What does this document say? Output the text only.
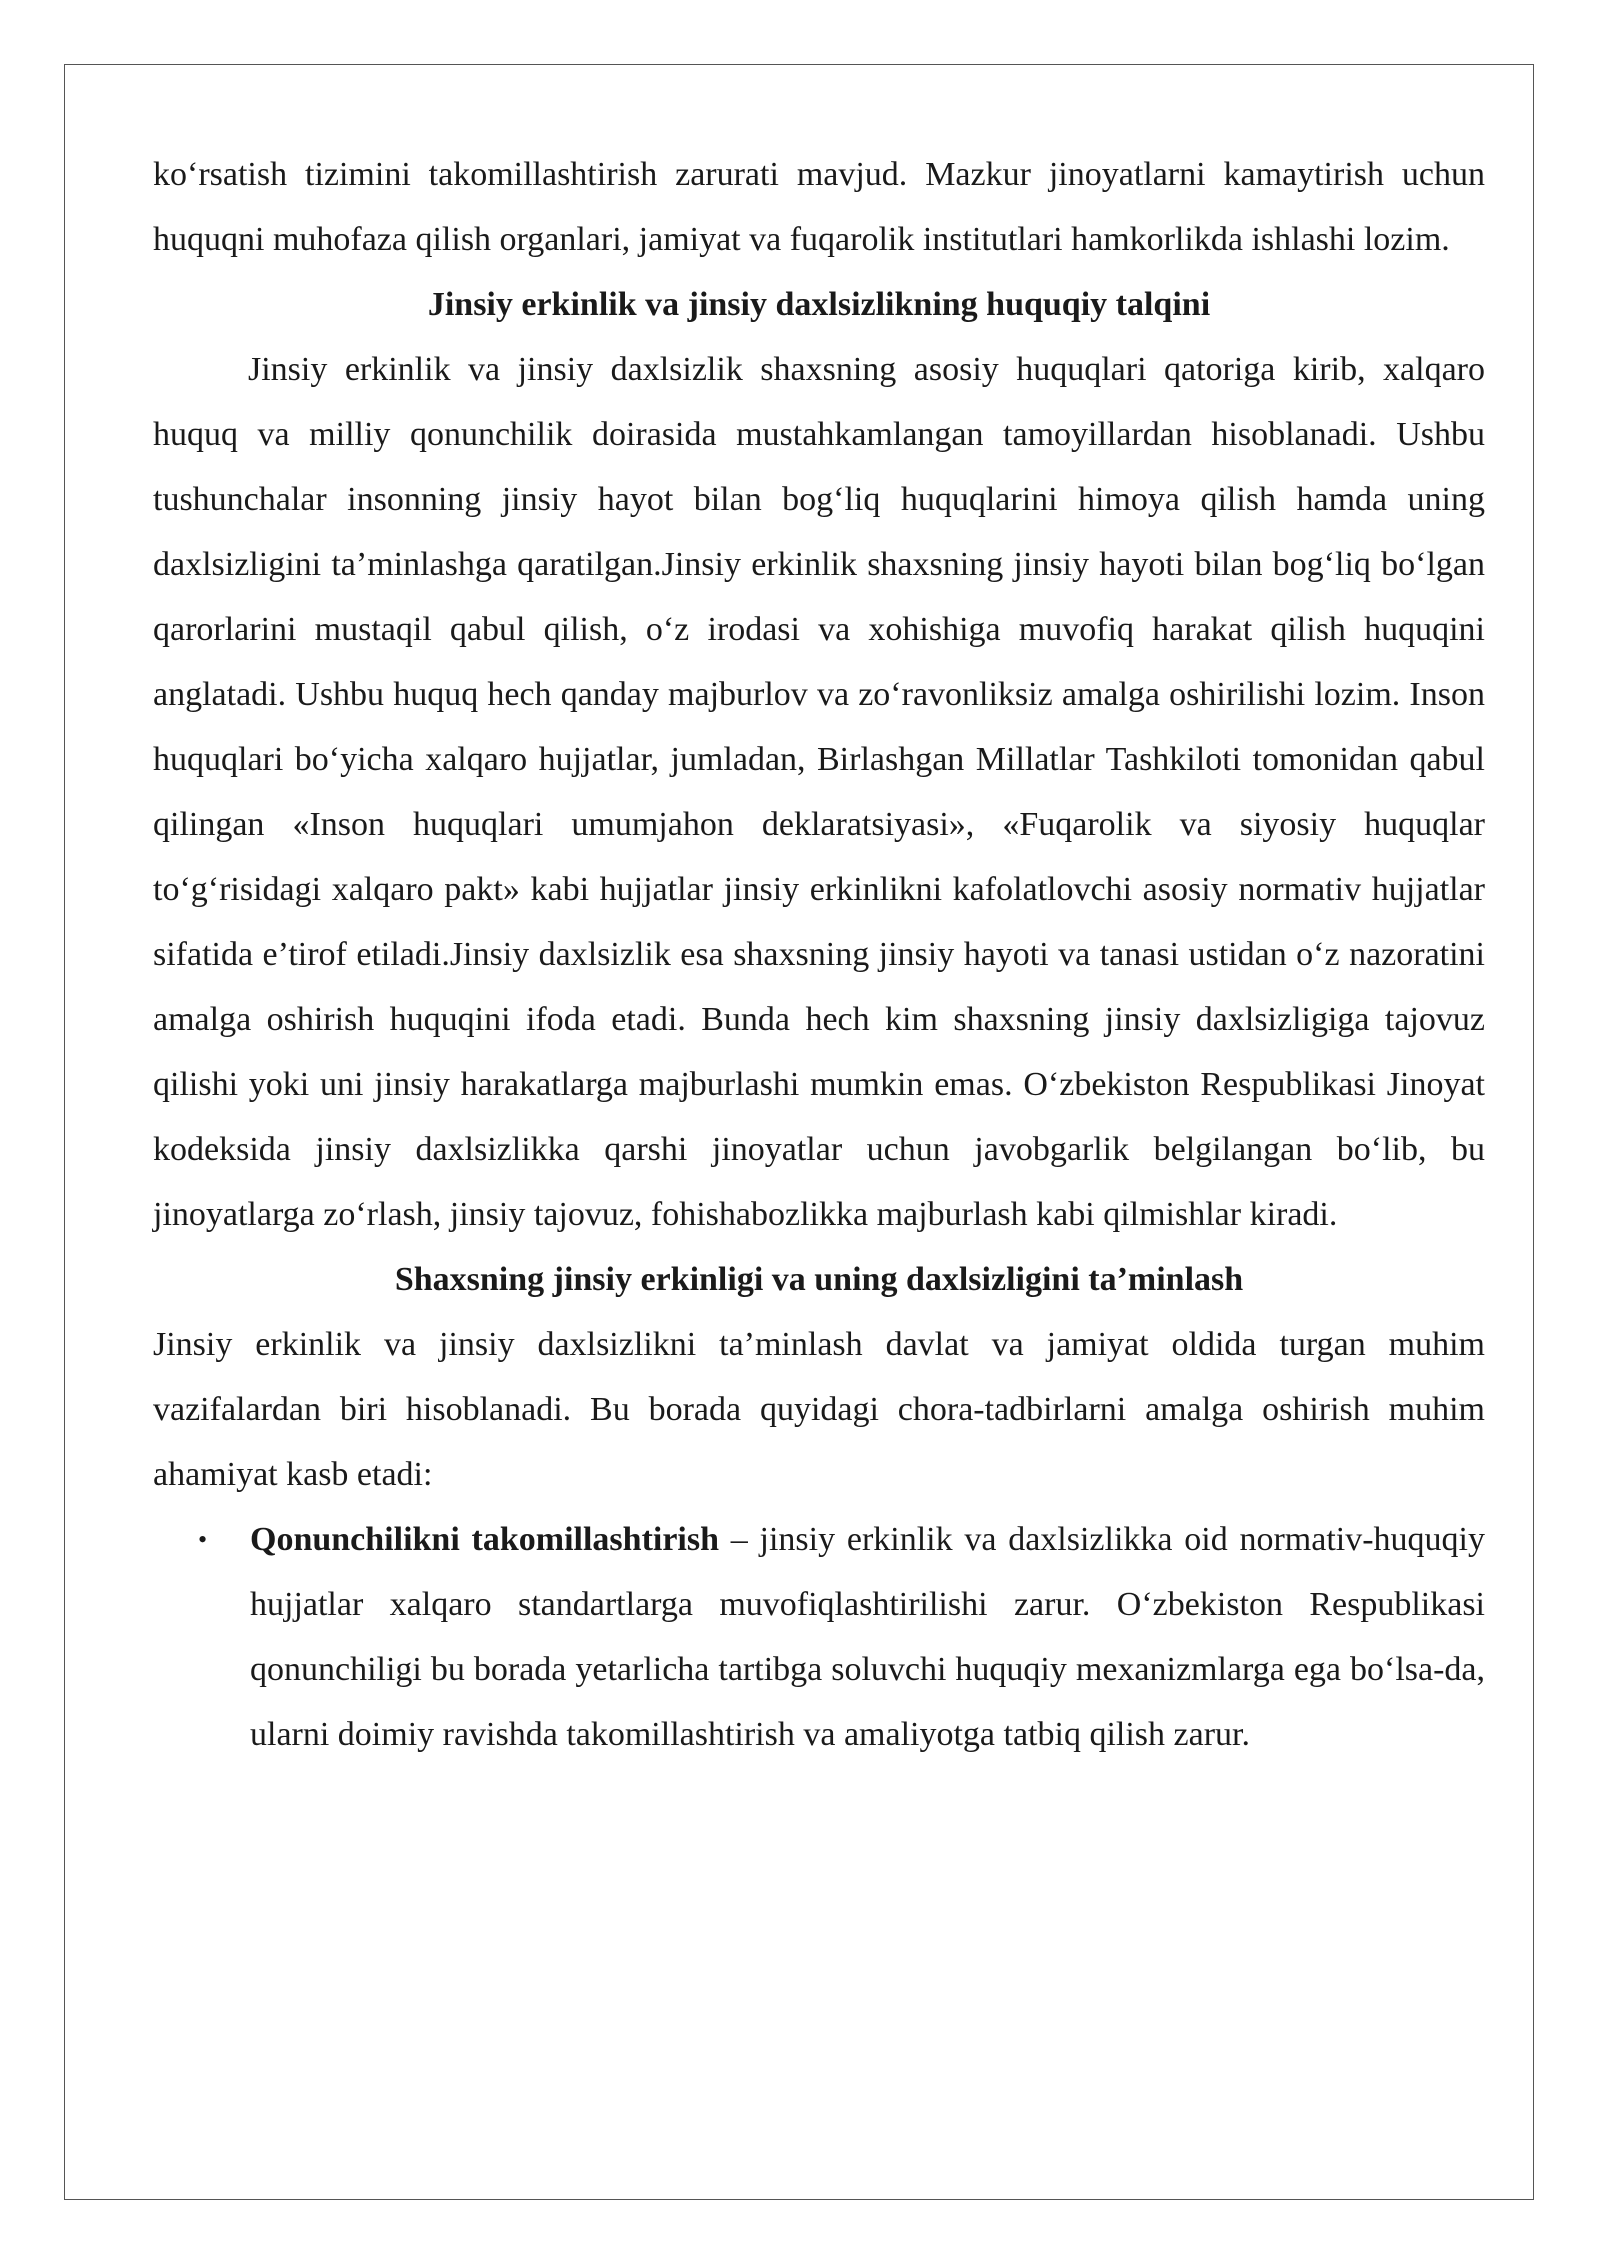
ko‘rsatish tizimini takomillashtirish zarurati mavjud. Mazkur jinoyatlarni kamaytirish uchun huquqni muhofaza qilish organlari, jamiyat va fuqarolik institutlari hamkorlikda ishlashi lozim.

Jinsiy erkinlik va jinsiy daxlsizlikning huquqiy talqini

Jinsiy erkinlik va jinsiy daxlsizlik shaxsning asosiy huquqlari qatoriga kirib, xalqaro huquq va milliy qonunchilik doirasida mustahkamlangan tamoyillardan hisoblanadi. Ushbu tushunchalar insonning jinsiy hayot bilan bog‘liq huquqlarini himoya qilish hamda uning daxlsizligini ta’minlashga qaratilgan.Jinsiy erkinlik shaxsning jinsiy hayoti bilan bog‘liq bo‘lgan qarorlarini mustaqil qabul qilish, o‘z irodasi va xohishiga muvofiq harakat qilish huquqini anglatadi. Ushbu huquq hech qanday majburlov va zo‘ravonliksiz amalga oshirilishi lozim. Inson huquqlari bo‘yicha xalqaro hujjatlar, jumladan, Birlashgan Millatlar Tashkiloti tomonidan qabul qilingan «Inson huquqlari umumjahon deklaratsiyasi», «Fuqarolik va siyosiy huquqlar to‘g‘risidagi xalqaro pakt» kabi hujjatlar jinsiy erkinlikni kafolatlovchi asosiy normativ hujjatlar sifatida e’tirof etiladi.Jinsiy daxlsizlik esa shaxsning jinsiy hayoti va tanasi ustidan o‘z nazoratini amalga oshirish huquqini ifoda etadi. Bunda hech kim shaxsning jinsiy daxlsizligiga tajovuz qilishi yoki uni jinsiy harakatlarga majburlashi mumkin emas. O‘zbekiston Respublikasi Jinoyat kodeksida jinsiy daxlsizlikka qarshi jinoyatlar uchun javobgarlik belgilangan bo‘lib, bu jinoyatlarga zo‘rlash, jinsiy tajovuz, fohishabozlikka majburlash kabi qilmishlar kiradi.

Shaxsning jinsiy erkinligi va uning daxlsizligini ta’minlash

Jinsiy erkinlik va jinsiy daxlsizlikni ta’minlash davlat va jamiyat oldida turgan muhim vazifalardan biri hisoblanadi. Bu borada quyidagi chora-tadbirlarni amalga oshirish muhim ahamiyat kasb etadi:

• Qonunchilikni takomillashtirish – jinsiy erkinlik va daxlsizlikka oid normativ-huquqiy hujjatlar xalqaro standartlarga muvofiqlashtirilishi zarur. O‘zbekiston Respublikasi qonunchiligi bu borada yetarlicha tartibga soluvchi huquqiy mexanizmlarga ega bo‘lsa-da, ularni doimiy ravishda takomillashtirish va amaliyotga tatbiq qilish zarur.
